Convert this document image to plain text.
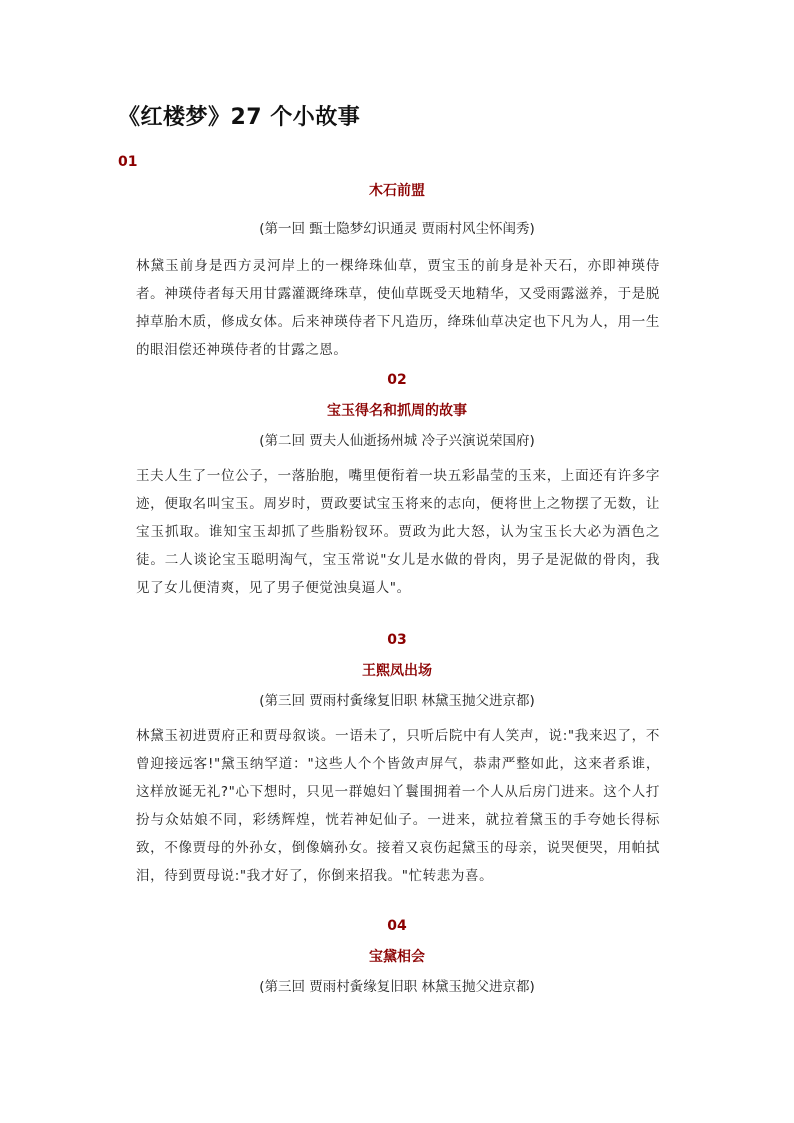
《红楼梦》27 个小故事
01
木石前盟
(第一回 甄士隐梦幻识通灵 贾雨村风尘怀闺秀)
林黛玉前身是西方灵河岸上的一棵绛珠仙草，贾宝玉的前身是补天石，亦即神瑛侍者。神瑛侍者每天用甘露灌溉绛珠草，使仙草既受天地精华，又受雨露滋养，于是脱掉草胎木质，修成女体。后来神瑛侍者下凡造历，绛珠仙草决定也下凡为人，用一生的眼泪偿还神瑛侍者的甘露之恩。
02
宝玉得名和抓周的故事
(第二回 贾夫人仙逝扬州城 冷子兴演说荣国府)
王夫人生了一位公子，一落胎胞，嘴里便衔着一块五彩晶莹的玉来，上面还有许多字迹，便取名叫宝玉。周岁时，贾政要试宝玉将来的志向，便将世上之物摆了无数，让宝玉抓取。谁知宝玉却抓了些脂粉钗环。贾政为此大怒，认为宝玉长大必为酒色之徒。二人谈论宝玉聪明淘气，宝玉常说"女儿是水做的骨肉，男子是泥做的骨肉，我见了女儿便清爽，见了男子便觉浊臭逼人"。
03
王熙凤出场
(第三回 贾雨村夤缘复旧职 林黛玉抛父进京都)
林黛玉初进贾府正和贾母叙谈。一语未了，只听后院中有人笑声，说:"我来迟了，不曾迎接远客!"黛玉纳罕道："这些人个个皆敛声屏气，恭肃严整如此，这来者系谁，这样放诞无礼?"心下想时，只见一群媳妇丫鬟围拥着一个人从后房门进来。这个人打扮与众姑娘不同，彩绣辉煌，恍若神妃仙子。一进来，就拉着黛玉的手夸她长得标致，不像贾母的外孙女，倒像嫡孙女。接着又哀伤起黛玉的母亲，说哭便哭，用帕拭泪，待到贾母说:"我才好了，你倒来招我。"忙转悲为喜。
04
宝黛相会
(第三回 贾雨村夤缘复旧职 林黛玉抛父进京都)
